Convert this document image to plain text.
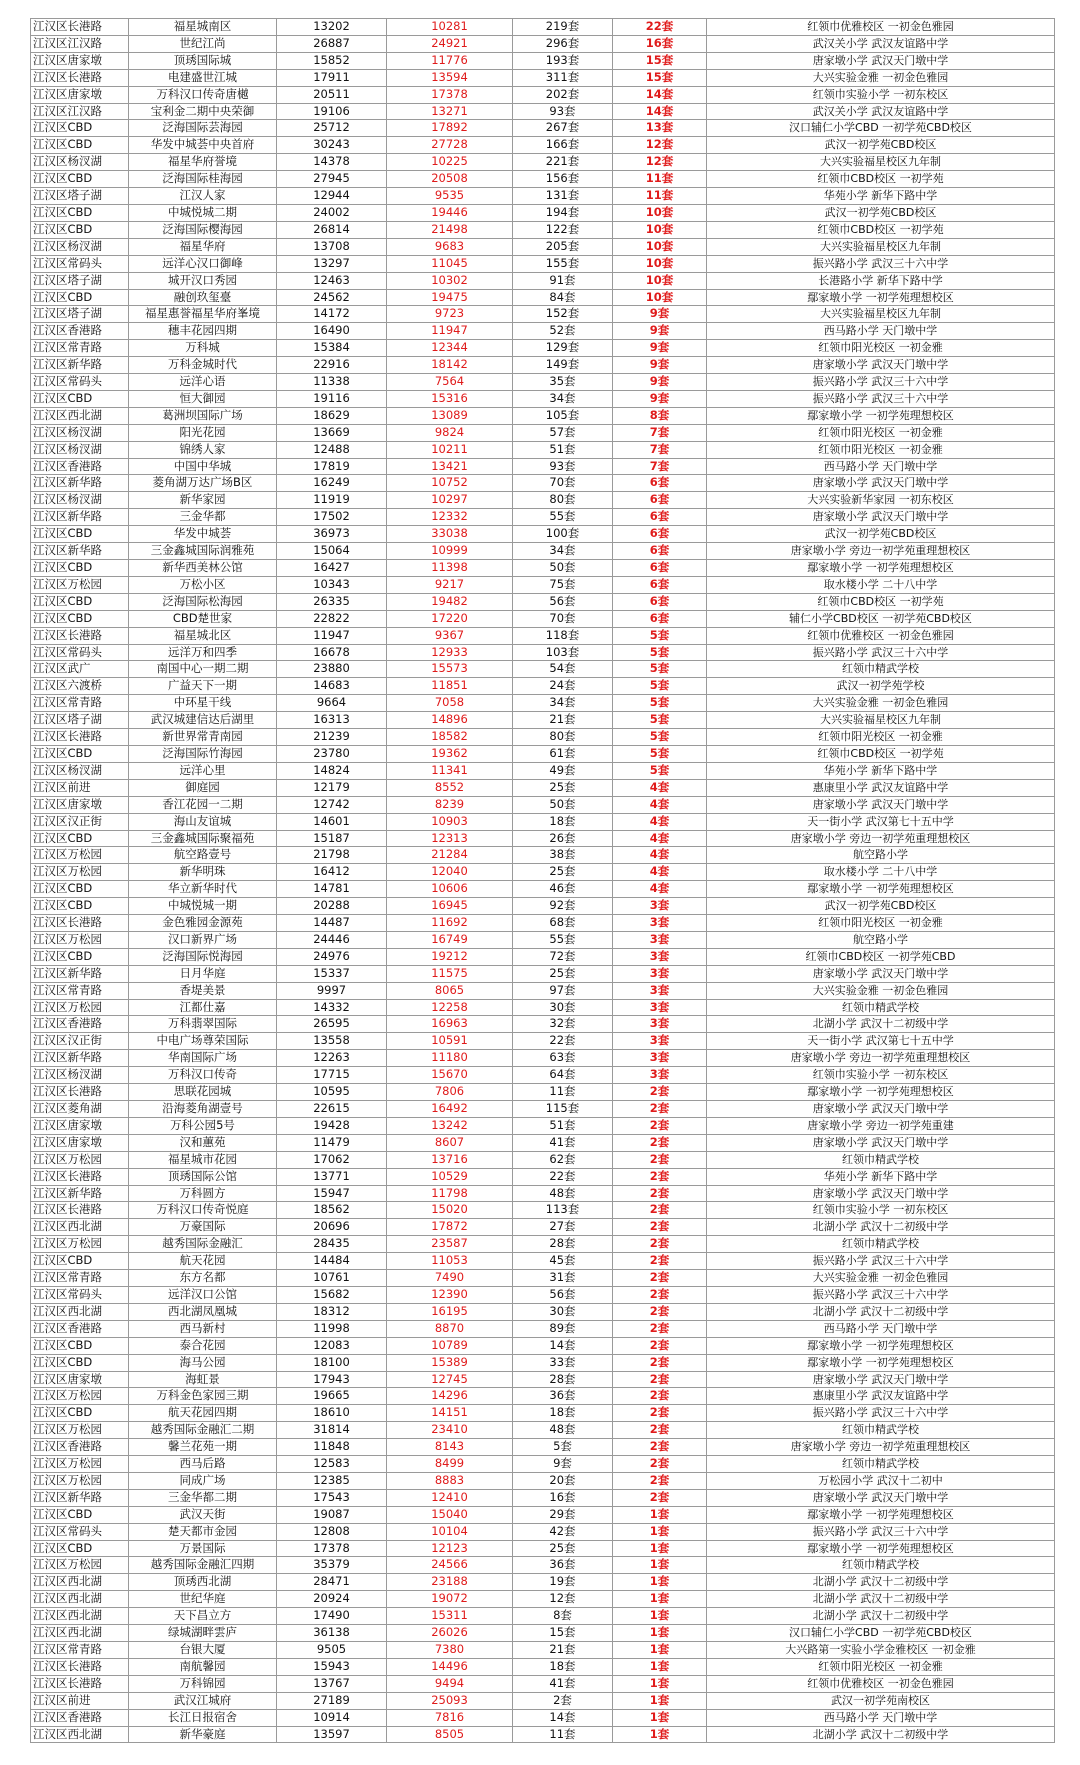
江汉区长港路	福星城南区	13202	10281	219套	22套	红领巾优雅校区 一初金色雅园
江汉区江汉路	世纪江尚	26887	24921	296套	16套	武汉关小学 武汉友谊路中学
江汉区唐家墩	顶琇国际城	15852	11776	193套	15套	唐家墩小学 武汉天门墩中学
江汉区长港路	电建盛世江城	17911	13594	311套	15套	大兴实验金雅 一初金色雅园
江汉区唐家墩	万科汉口传奇唐樾	20511	17378	202套	14套	红领巾实验小学 一初东校区
江汉区江汉路	宝利金二期中央荣御	19106	13271	93套	14套	武汉关小学 武汉友谊路中学
江汉区CBD	泛海国际芸海园	25712	17892	267套	13套	汉口辅仁小学CBD 一初学苑CBD校区
江汉区CBD	华发中城荟中央首府	30243	27728	166套	12套	武汉一初学苑CBD校区
江汉区杨汊湖	福星华府誉境	14378	10225	221套	12套	大兴实验福星校区九年制
江汉区CBD	泛海国际桂海园	27945	20508	156套	11套	红领巾CBD校区 一初学苑
江汉区塔子湖	江汉人家	12944	9535	131套	11套	华苑小学 新华下路中学
江汉区CBD	中城悦城二期	24002	19446	194套	10套	武汉一初学苑CBD校区
江汉区CBD	泛海国际樱海园	26814	21498	122套	10套	红领巾CBD校区 一初学苑
江汉区杨汊湖	福星华府	13708	9683	205套	10套	大兴实验福星校区九年制
江汉区常码头	远洋心汉口御峰	13297	11045	155套	10套	振兴路小学 武汉三十六中学
江汉区塔子湖	城开汉口秀园	12463	10302	91套	10套	长港路小学 新华下路中学
江汉区CBD	融创玖玺臺	24562	19475	84套	10套	鄢家墩小学 一初学苑理想校区
江汉区塔子湖	福星惠誉福星华府峯境	14172	9723	152套	9套	大兴实验福星校区九年制
江汉区香港路	穗丰花园四期	16490	11947	52套	9套	西马路小学 天门墩中学
江汉区常青路	万科城	15384	12344	129套	9套	红领巾阳光校区 一初金雅
江汉区新华路	万科金城时代	22916	18142	149套	9套	唐家墩小学 武汉天门墩中学
江汉区常码头	远洋心语	11338	7564	35套	9套	振兴路小学 武汉三十六中学
江汉区CBD	恒大御园	19116	15316	34套	9套	振兴路小学 武汉三十六中学
江汉区西北湖	葛洲坝国际广场	18629	13089	105套	8套	鄢家墩小学 一初学苑理想校区
江汉区杨汊湖	阳光花园	13669	9824	57套	7套	红领巾阳光校区 一初金雅
江汉区杨汊湖	锦绣人家	12488	10211	51套	7套	红领巾阳光校区 一初金雅
江汉区香港路	中国中华城	17819	13421	93套	7套	西马路小学 天门墩中学
江汉区新华路	菱角湖万达广场B区	16249	10752	70套	6套	唐家墩小学 武汉天门墩中学
江汉区杨汊湖	新华家园	11919	10297	80套	6套	大兴实验新华家园 一初东校区
江汉区新华路	三金华都	17502	12332	55套	6套	唐家墩小学 武汉天门墩中学
江汉区CBD	华发中城荟	36973	33038	100套	6套	武汉一初学苑CBD校区
江汉区新华路	三金鑫城国际润雅苑	15064	10999	34套	6套	唐家墩小学 旁边一初学苑重理想校区
江汉区CBD	新华西美林公馆	16427	11398	50套	6套	鄢家墩小学 一初学苑理想校区
江汉区万松园	万松小区	10343	9217	75套	6套	取水楼小学 二十八中学
江汉区CBD	泛海国际松海园	26335	19482	56套	6套	红领巾CBD校区 一初学苑
江汉区CBD	CBD楚世家	22822	17220	70套	6套	辅仁小学CBD校区 一初学苑CBD校区
江汉区长港路	福星城北区	11947	9367	118套	5套	红领巾优雅校区 一初金色雅园
江汉区常码头	远洋万和四季	16678	12933	103套	5套	振兴路小学 武汉三十六中学
江汉区武广	南国中心一期二期	23880	15573	54套	5套	红领巾精武学校
江汉区六渡桥	广益天下一期	14683	11851	24套	5套	武汉一初学苑学校
江汉区常青路	中环星干线	9664	7058	34套	5套	大兴实验金雅 一初金色雅园
江汉区塔子湖	武汉城建信达后湖里	16313	14896	21套	5套	大兴实验福星校区九年制
江汉区长港路	新世界常青南园	21239	18582	80套	5套	红领巾阳光校区 一初金雅
江汉区CBD	泛海国际竹海园	23780	19362	61套	5套	红领巾CBD校区 一初学苑
江汉区杨汊湖	远洋心里	14824	11341	49套	5套	华苑小学 新华下路中学
江汉区前进	御庭园	12179	8552	25套	4套	惠康里小学 武汉友谊路中学
江汉区唐家墩	香江花园一二期	12742	8239	50套	4套	唐家墩小学 武汉天门墩中学
江汉区汉正街	海山友谊城	14601	10903	18套	4套	天一街小学 武汉第七十五中学
江汉区CBD	三金鑫城国际聚福苑	15187	12313	26套	4套	唐家墩小学 旁边一初学苑重理想校区
江汉区万松园	航空路壹号	21798	21284	38套	4套	航空路小学
江汉区万松园	新华明珠	16412	12040	25套	4套	取水楼小学 二十八中学
江汉区CBD	华立新华时代	14781	10606	46套	4套	鄢家墩小学 一初学苑理想校区
江汉区CBD	中城悦城一期	20288	16945	92套	3套	武汉一初学苑CBD校区
江汉区长港路	金色雅园金源苑	14487	11692	68套	3套	红领巾阳光校区 一初金雅
江汉区万松园	汉口新界广场	24446	16749	55套	3套	航空路小学
江汉区CBD	泛海国际悦海园	24976	19212	72套	3套	红领巾CBD校区 一初学苑CBD
江汉区新华路	日月华庭	15337	11575	25套	3套	唐家墩小学 武汉天门墩中学
江汉区常青路	香堤美景	9997	8065	97套	3套	大兴实验金雅 一初金色雅园
江汉区万松园	江都仕嘉	14332	12258	30套	3套	红领巾精武学校
江汉区香港路	万科翡翠国际	26595	16963	32套	3套	北湖小学 武汉十二初级中学
江汉区汉正街	中电广场尊荣国际	13558	10591	22套	3套	天一街小学 武汉第七十五中学
江汉区新华路	华南国际广场	12263	11180	63套	3套	唐家墩小学 旁边一初学苑重理想校区
江汉区杨汊湖	万科汉口传奇	17715	15670	64套	3套	红领巾实验小学 一初东校区
江汉区长港路	思联花园城	10595	7806	11套	2套	鄢家墩小学 一初学苑理想校区
江汉区菱角湖	沿海菱角湖壹号	22615	16492	115套	2套	唐家墩小学 武汉天门墩中学
江汉区唐家墩	万科公园5号	19428	13242	51套	2套	唐家墩小学 旁边一初学苑重建
江汉区唐家墩	汉和蕙苑	11479	8607	41套	2套	唐家墩小学 武汉天门墩中学
江汉区万松园	福星城市花园	17062	13716	62套	2套	红领巾精武学校
江汉区长港路	顶琇国际公馆	13771	10529	22套	2套	华苑小学 新华下路中学
江汉区新华路	万科圆方	15947	11798	48套	2套	唐家墩小学 武汉天门墩中学
江汉区长港路	万科汉口传奇悦庭	18562	15020	113套	2套	红领巾实验小学 一初东校区
江汉区西北湖	万豪国际	20696	17872	27套	2套	北湖小学 武汉十二初级中学
江汉区万松园	越秀国际金融汇	28435	23587	28套	2套	红领巾精武学校
江汉区CBD	航天花园	14484	11053	45套	2套	振兴路小学 武汉三十六中学
江汉区常青路	东方名都	10761	7490	31套	2套	大兴实验金雅 一初金色雅园
江汉区常码头	远洋汉口公馆	15682	12390	56套	2套	振兴路小学 武汉三十六中学
江汉区西北湖	西北湖凤凰城	18312	16195	30套	2套	北湖小学 武汉十二初级中学
江汉区香港路	西马新村	11998	8870	89套	2套	西马路小学 天门墩中学
江汉区CBD	泰合花园	12083	10789	14套	2套	鄢家墩小学 一初学苑理想校区
江汉区CBD	海马公园	18100	15389	33套	2套	鄢家墩小学 一初学苑理想校区
江汉区唐家墩	海虹景	17943	12745	28套	2套	唐家墩小学 武汉天门墩中学
江汉区万松园	万科金色家园三期	19665	14296	36套	2套	惠康里小学 武汉友谊路中学
江汉区CBD	航天花园四期	18610	14151	18套	2套	振兴路小学 武汉三十六中学
江汉区万松园	越秀国际金融汇二期	31814	23410	48套	2套	红领巾精武学校
江汉区香港路	馨兰花苑一期	11848	8143	5套	2套	唐家墩小学 旁边一初学苑重理想校区
江汉区万松园	西马后路	12583	8499	9套	2套	红领巾精武学校
江汉区万松园	同成广场	12385	8883	20套	2套	万松园小学 武汉十二初中
江汉区新华路	三金华都二期	17543	12410	16套	2套	唐家墩小学 武汉天门墩中学
江汉区CBD	武汉天街	19087	15040	29套	1套	鄢家墩小学 一初学苑理想校区
江汉区常码头	楚天都市金园	12808	10104	42套	1套	振兴路小学 武汉三十六中学
江汉区CBD	万景国际	17378	12123	25套	1套	鄢家墩小学 一初学苑理想校区
江汉区万松园	越秀国际金融汇四期	35379	24566	36套	1套	红领巾精武学校
江汉区西北湖	顶琇西北湖	28471	23188	19套	1套	北湖小学 武汉十二初级中学
江汉区西北湖	世纪华庭	20924	19072	12套	1套	北湖小学 武汉十二初级中学
江汉区西北湖	天下昌立方	17490	15311	8套	1套	北湖小学 武汉十二初级中学
江汉区西北湖	绿城湖畔雲庐	36138	26026	15套	1套	汉口辅仁小学CBD 一初学苑CBD校区
江汉区常青路	台银大厦	9505	7380	21套	1套	大兴路第一实验小学金雅校区 一初金雅
江汉区长港路	南航馨园	15943	14496	18套	1套	红领巾阳光校区 一初金雅
江汉区长港路	万科锦园	13767	9494	41套	1套	红领巾优雅校区 一初金色雅园
江汉区前进	武汉江城府	27189	25093	2套	1套	武汉一初学苑南校区
江汉区香港路	长江日报宿舍	10914	7816	14套	1套	西马路小学 天门墩中学
江汉区西北湖	新华豪庭	13597	8505	11套	1套	北湖小学 武汉十二初级中学
